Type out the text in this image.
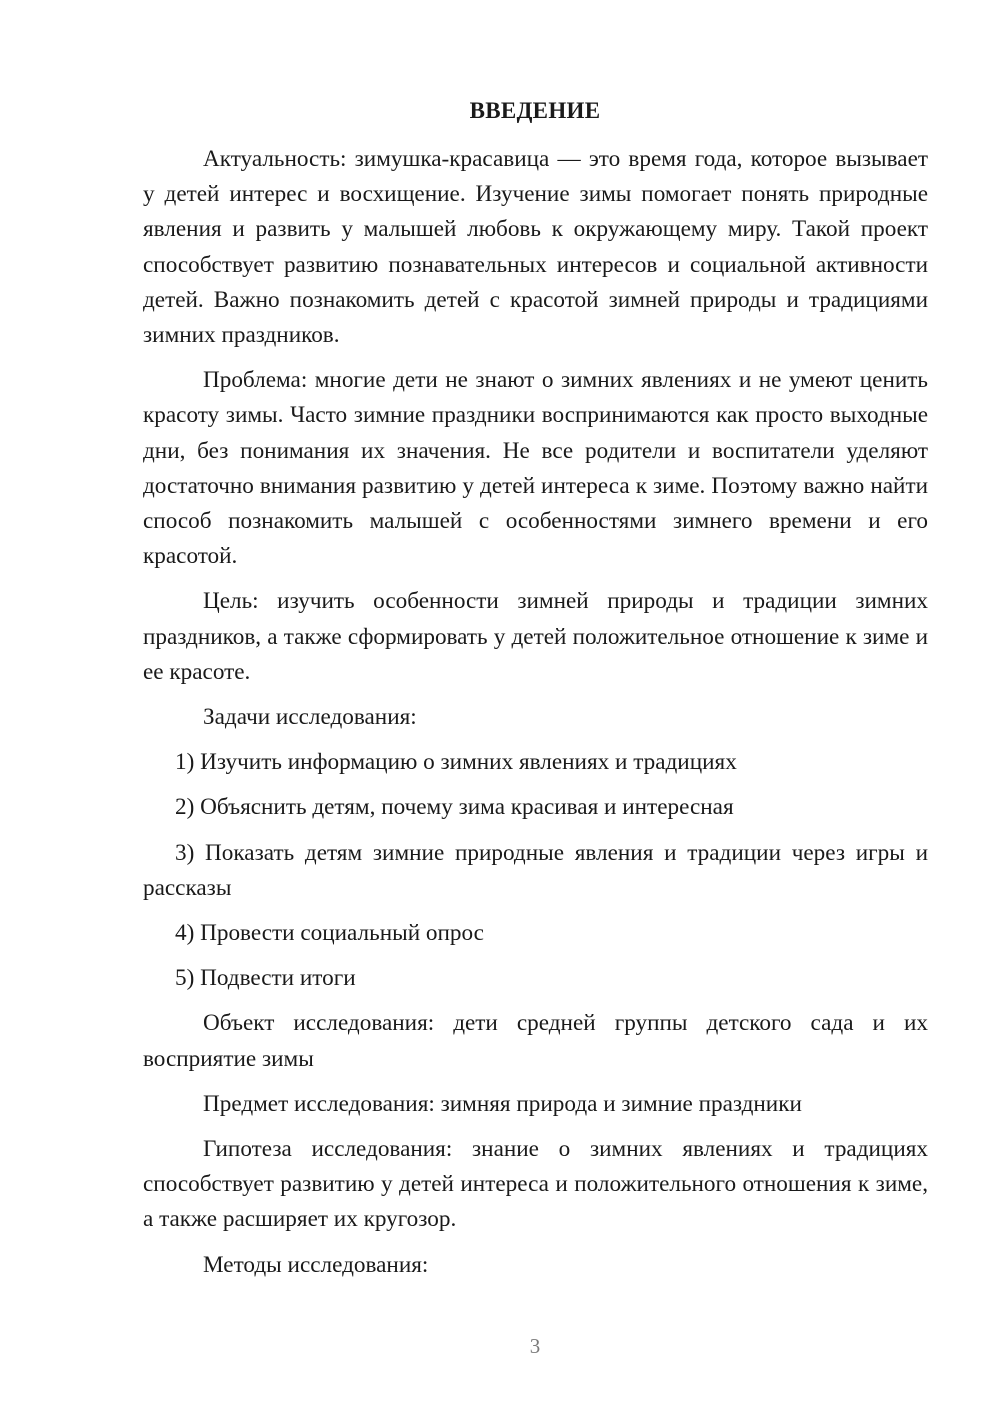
ВВЕДЕНИЕ

Актуальность: зимушка-красавица — это время года, которое вызывает у детей интерес и восхищение. Изучение зимы помогает понять природные явления и развить у малышей любовь к окружающему миру. Такой проект способствует развитию познавательных интересов и социальной активности детей. Важно познакомить детей с красотой зимней природы и традициями зимних праздников.

Проблема: многие дети не знают о зимних явлениях и не умеют ценить красоту зимы. Часто зимние праздники воспринимаются как просто выходные дни, без понимания их значения. Не все родители и воспитатели уделяют достаточно внимания развитию у детей интереса к зиме. Поэтому важно найти способ познакомить малышей с особенностями зимнего времени и его красотой.

Цель: изучить особенности зимней природы и традиции зимних праздников, а также сформировать у детей положительное отношение к зиме и ее красоте.

Задачи исследования:

1) Изучить информацию о зимних явлениях и традициях

2) Объяснить детям, почему зима красивая и интересная

3) Показать детям зимние природные явления и традиции через игры и рассказы

4) Провести социальный опрос

5) Подвести итоги

Объект исследования: дети средней группы детского сада и их восприятие зимы

Предмет исследования: зимняя природа и зимние праздники

Гипотеза исследования: знание о зимних явлениях и традициях способствует развитию у детей интереса и положительного отношения к зиме, а также расширяет их кругозор.

Методы исследования:

3
